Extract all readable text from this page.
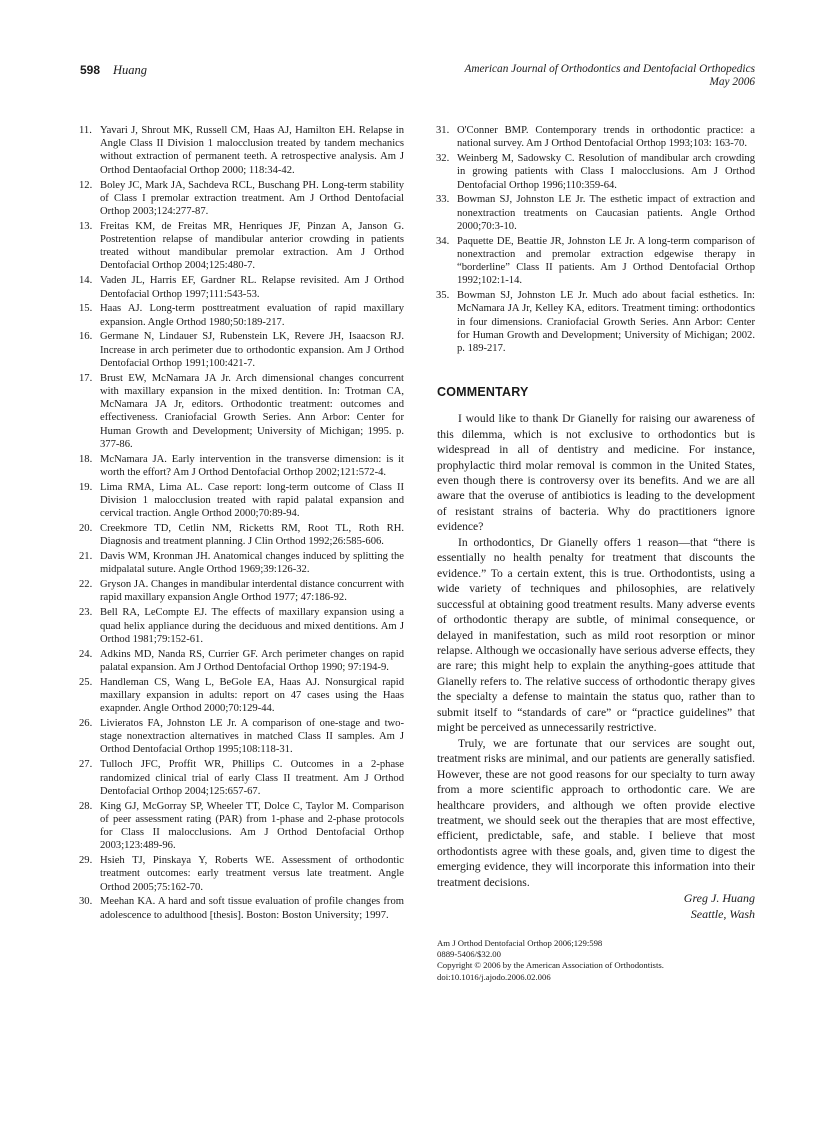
598 Huang	American Journal of Orthodontics and Dentofacial Orthopedics
May 2006
11. Yavari J, Shrout MK, Russell CM, Haas AJ, Hamilton EH. Relapse in Angle Class II Division 1 malocclusion treated by tandem mechanics without extraction of permanent teeth. A retrospective analysis. Am J Orthod Dentaofacial Orthop 2000; 118:34-42.
12. Boley JC, Mark JA, Sachdeva RCL, Buschang PH. Long-term stability of Class I premolar extraction treatment. Am J Orthod Dentofacial Orthop 2003;124:277-87.
13. Freitas KM, de Freitas MR, Henriques JF, Pinzan A, Janson G. Postretention relapse of mandibular anterior crowding in patients treated without mandibular premolar extraction. Am J Orthod Dentofacial Orthop 2004;125:480-7.
14. Vaden JL, Harris EF, Gardner RL. Relapse revisited. Am J Orthod Dentofacial Orthop 1997;111:543-53.
15. Haas AJ. Long-term posttreatment evaluation of rapid maxillary expansion. Angle Orthod 1980;50:189-217.
16. Germane N, Lindauer SJ, Rubenstein LK, Revere JH, Isaacson RJ. Increase in arch perimeter due to orthodontic expansion. Am J Orthod Dentofacial Orthop 1991;100:421-7.
17. Brust EW, McNamara JA Jr. Arch dimensional changes concurrent with maxillary expansion in the mixed dentition. In: Trotman CA, McNamara JA Jr, editors. Orthodontic treatment: outcomes and effectiveness. Craniofacial Growth Series. Ann Arbor: Center for Human Growth and Development; University of Michigan; 1995. p. 377-86.
18. McNamara JA. Early intervention in the transverse dimension: is it worth the effort? Am J Orthod Dentofacial Orthop 2002;121:572-4.
19. Lima RMA, Lima AL. Case report: long-term outcome of Class II Division 1 malocclusion treated with rapid palatal expansion and cervical traction. Angle Orthod 2000;70:89-94.
20. Creekmore TD, Cetlin NM, Ricketts RM, Root TL, Roth RH. Diagnosis and treatment planning. J Clin Orthod 1992;26:585-606.
21. Davis WM, Kronman JH. Anatomical changes induced by splitting the midpalatal suture. Angle Orthod 1969;39:126-32.
22. Gryson JA. Changes in mandibular interdental distance concurrent with rapid maxillary expansion Angle Orthod 1977; 47:186-92.
23. Bell RA, LeCompte EJ. The effects of maxillary expansion using a quad helix appliance during the deciduous and mixed dentitions. Am J Orthod 1981;79:152-61.
24. Adkins MD, Nanda RS, Currier GF. Arch perimeter changes on rapid palatal expansion. Am J Orthod Dentofacial Orthop 1990; 97:194-9.
25. Handleman CS, Wang L, BeGole EA, Haas AJ. Nonsurgical rapid maxillary expansion in adults: report on 47 cases using the Haas exapnder. Angle Orthod 2000;70:129-44.
26. Livieratos FA, Johnston LE Jr. A comparison of one-stage and two-stage nonextraction alternatives in matched Class II samples. Am J Orthod Dentofacial Orthop 1995;108:118-31.
27. Tulloch JFC, Proffit WR, Phillips C. Outcomes in a 2-phase randomized clinical trial of early Class II treatment. Am J Orthod Dentofacial Orthop 2004;125:657-67.
28. King GJ, McGorray SP, Wheeler TT, Dolce C, Taylor M. Comparison of peer assessment rating (PAR) from 1-phase and 2-phase protocols for Class II malocclusions. Am J Orthod Dentofacial Orthop 2003;123:489-96.
29. Hsieh TJ, Pinskaya Y, Roberts WE. Assessment of orthodontic treatment outcomes: early treatment versus late treatment. Angle Orthod 2005;75:162-70.
30. Meehan KA. A hard and soft tissue evaluation of profile changes from adolescence to adulthood [thesis]. Boston: Boston University; 1997.
31. O'Conner BMP. Contemporary trends in orthodontic practice: a national survey. Am J Orthod Dentofacial Orthop 1993;103: 163-70.
32. Weinberg M, Sadowsky C. Resolution of mandibular arch crowding in growing patients with Class I malocclusions. Am J Orthod Dentofacial Orthop 1996;110:359-64.
33. Bowman SJ, Johnston LE Jr. The esthetic impact of extraction and nonextraction treatments on Caucasian patients. Angle Orthod 2000;70:3-10.
34. Paquette DE, Beattie JR, Johnston LE Jr. A long-term comparison of nonextraction and premolar extraction edgewise therapy in “borderline” Class II patients. Am J Orthod Dentofacial Orthop 1992;102:1-14.
35. Bowman SJ, Johnston LE Jr. Much ado about facial esthetics. In: McNamara JA Jr, Kelley KA, editors. Treatment timing: orthodontics in four dimensions. Craniofacial Growth Series. Ann Arbor: Center for Human Growth and Development; University of Michigan; 2002. p. 189-217.
COMMENTARY

I would like to thank Dr Gianelly for raising our awareness of this dilemma, which is not exclusive to orthodontics but is widespread in all of dentistry and medicine. For instance, prophylactic third molar removal is common in the United States, even though there is controversy over its benefits. And we are all aware that the overuse of antibiotics is leading to the development of resistant strains of bacteria. Why do practitioners ignore evidence?

In orthodontics, Dr Gianelly offers 1 reason—that “there is essentially no health penalty for treatment that discounts the evidence.” To a certain extent, this is true. Orthodontists, using a wide variety of techniques and philosophies, are relatively successful at obtaining good treatment results. Many adverse events of orthodontic therapy are subtle, of minimal consequence, or delayed in manifestation, such as mild root resorption or minor relapse. Although we occasionally have serious adverse effects, they are rare; this might help to explain the anything-goes attitude that Gianelly refers to. The relative success of orthodontic therapy gives the specialty a defense to maintain the status quo, rather than to submit itself to “standards of care” or “practice guidelines” that might be perceived as unnecessarily restrictive.

Truly, we are fortunate that our services are sought out, treatment risks are minimal, and our patients are generally satisfied. However, these are not good reasons for our specialty to turn away from a more scientific approach to orthodontic care. We are healthcare providers, and although we often provide elective treatment, we should seek out the therapies that are most effective, efficient, predictable, safe, and stable. I believe that most orthodontists agree with these goals, and, given time to digest the emerging evidence, they will incorporate this information into their treatment decisions.

Greg J. Huang
Seattle, Wash
Am J Orthod Dentofacial Orthop 2006;129:598
0889-5406/$32.00
Copyright © 2006 by the American Association of Orthodontists.
doi:10.1016/j.ajodo.2006.02.006
